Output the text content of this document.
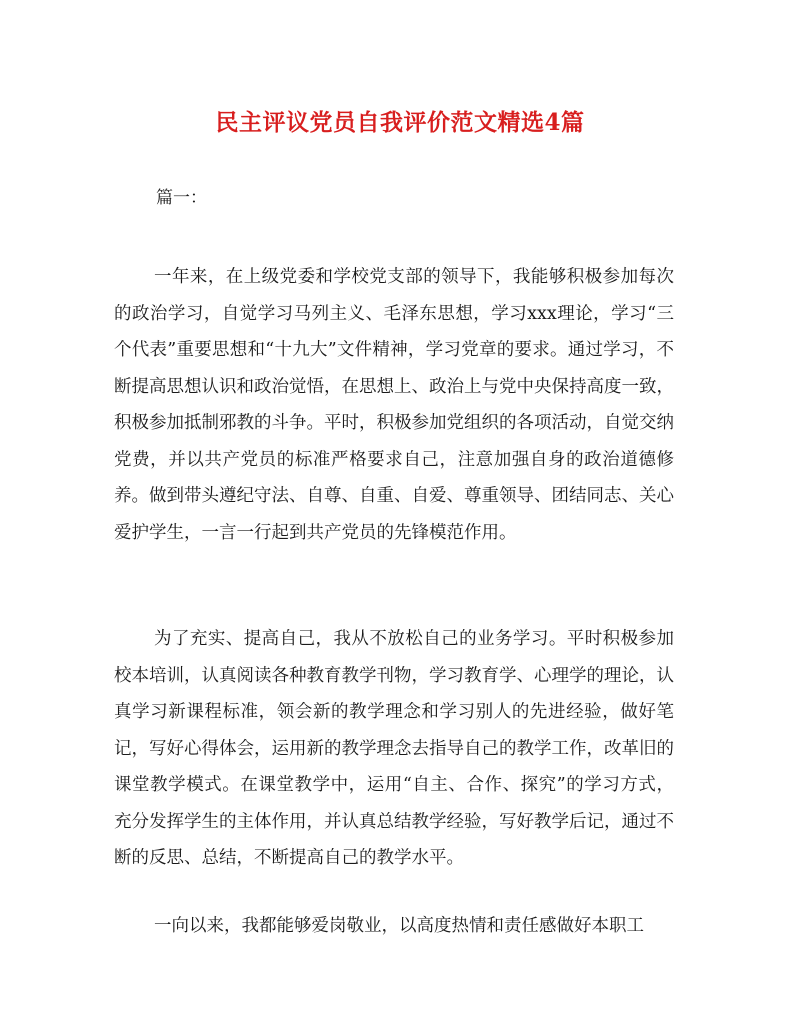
民主评议党员自我评价范文精选4篇
篇一：

一年来，在上级党委和学校党支部的领导下，我能够积极参加每次的政治学习，自觉学习马列主义、毛泽东思想，学习xxx理论，学习“三个代表”重要思想和“十九大”文件精神，学习党章的要求。通过学习，不断提高思想认识和政治觉悟，在思想上、政治上与党中央保持高度一致，积极参加抵制邪教的斗争。平时，积极参加党组织的各项活动，自觉交纳党费，并以共产党员的标准严格要求自己，注意加强自身的政治道德修养。做到带头遵纪守法、自尊、自重、自爱、尊重领导、团结同志、关心爱护学生，一言一行起到共产党员的先锋模范作用。

为了充实、提高自己，我从不放松自己的业务学习。平时积极参加校本培训，认真阅读各种教育教学刊物，学习教育学、心理学的理论，认真学习新课程标准，领会新的教学理念和学习别人的先进经验，做好笔记，写好心得体会，运用新的教学理念去指导自己的教学工作，改革旧的课堂教学模式。在课堂教学中，运用“自主、合作、探究”的学习方式，充分发挥学生的主体作用，并认真总结教学经验，写好教学后记，通过不断的反思、总结，不断提高自己的教学水平。

一向以来，我都能够爱岗敬业，以高度热情和责任感做好本职工
